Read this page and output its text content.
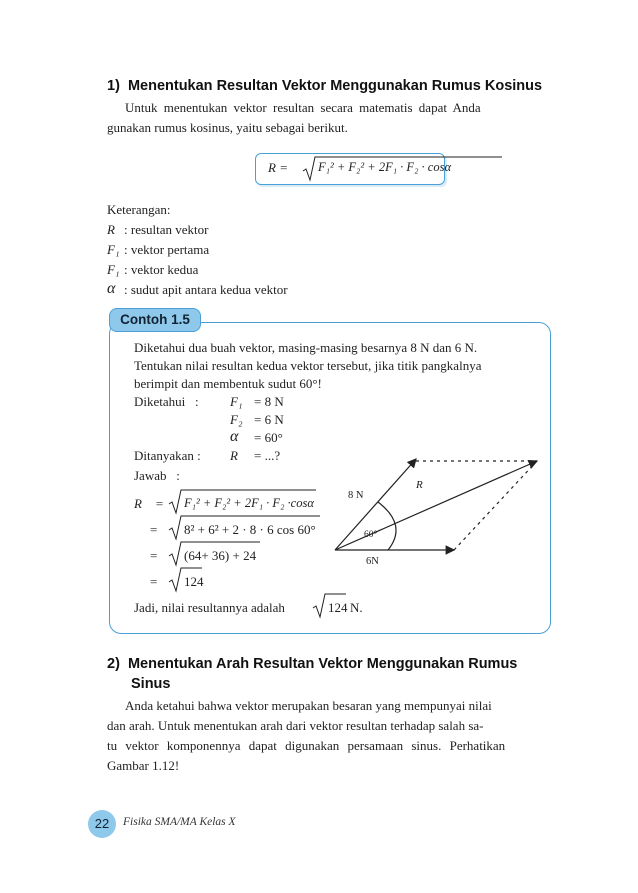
1)  Menentukan Resultan Vektor Menggunakan Rumus Kosinus
Untuk menentukan vektor resultan secara matematis dapat Anda
gunakan rumus kosinus, yaitu sebagai berikut.
R = F₁² + F₂² + 2F₁ · F₂ · cosα
Keterangan:
R : resultan vektor
F₁ : vektor pertama
F₁ : vektor kedua
α : sudut apit antara kedua vektor
Contoh 1.5
Diketahui dua buah vektor, masing-masing besarnya 8 N dan 6 N.
Tentukan nilai resultan kedua vektor tersebut, jika titik pangkalnya
berimpit dan membentuk sudut 60°!
Diketahui   : F₁ = 8 N
F₂ = 6 N
α = 60°
Ditanyakan : R = ...?
Jawab   :
R    = F₁² + F₂² + 2F₁ · F₂ ·cosα
= 8² + 6² + 2 · 8 · 6 cos 60°
= (64+ 36) + 24
= 124
Jadi, nilai resultannya adalah	124 N.
8 N
6N
60°
R
2)  Menentukan Arah Resultan Vektor Menggunakan Rumus
Sinus
Anda ketahui bahwa vektor merupakan besaran yang mempunyai nilai
dan arah. Untuk menentukan arah dari vektor resultan terhadap salah sa-
tu vektor komponennya dapat digunakan persamaan sinus. Perhatikan
Gambar 1.12!
22	Fisika SMA/MA Kelas X
